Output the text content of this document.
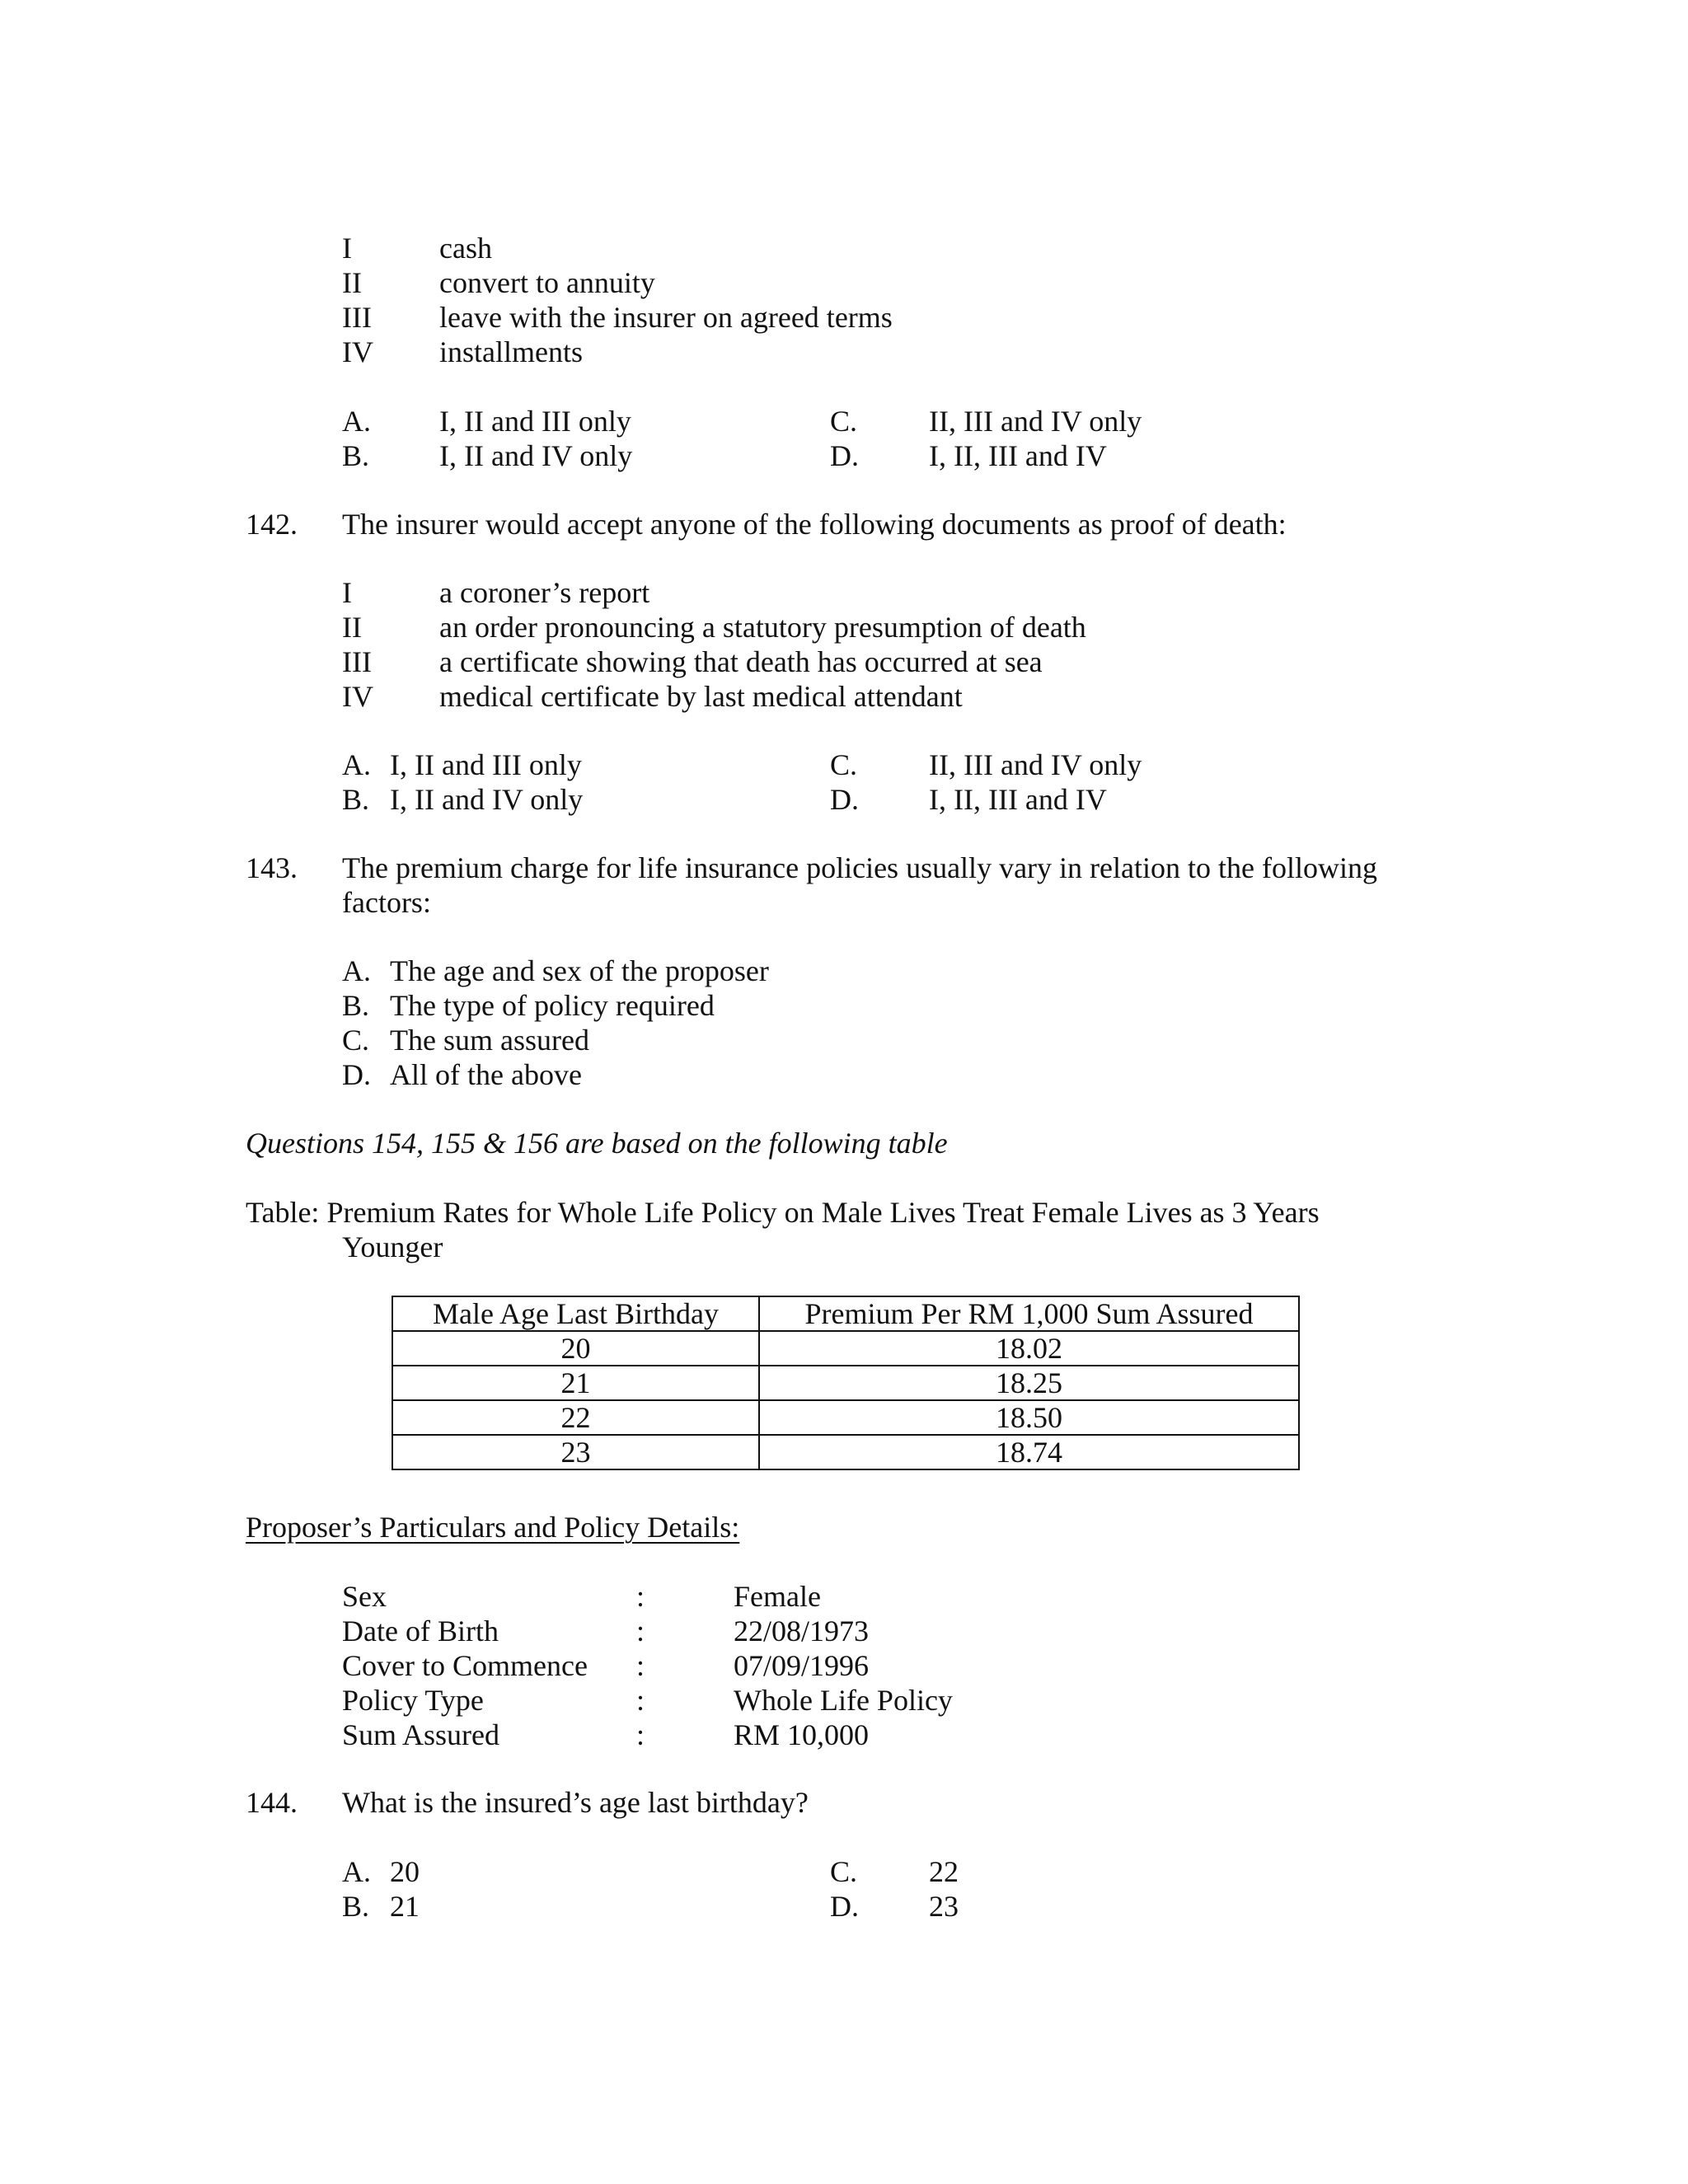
I	cash
II	convert to annuity
III leave with the insurer on agreed terms
IV installments
A. I, II and III only
B. I, II and IV only
C. II, III and IV only
D. I, II, III and IV
142. The insurer would accept anyone of the following documents as proof of death:
I	a coroner’s report
II	an order pronouncing a statutory presumption of death
III a certificate showing that death has occurred at sea
IV medical certificate by last medical attendant
A. I, II and III only
B. I, II and IV only
C. II, III and IV only
D. I, II, III and IV
143. The premium charge for life insurance policies usually vary in relation to the following
factors:
A. The age and sex of the proposer
B. The type of policy required
C. The sum assured
D. All of the above
Questions 154, 155 & 156 are based on the following table
Table: Premium Rates for Whole Life Policy on Male Lives Treat Female Lives as 3 Years
Younger
Male Age Last Birthday	Premium Per RM 1,000 Sum Assured
20	18.02
21	18.25
22	18.50
23	18.74
Proposer’s Particulars and Policy Details:
Sex	:	Female
Date of Birth	:	22/08/1973
Cover to Commence :	07/09/1996
Policy Type	:	Whole Life Policy
Sum Assured	:	RM 10,000
144. What is the insured’s age last birthday?
A. 20
B. 21
C. 22
D. 23
